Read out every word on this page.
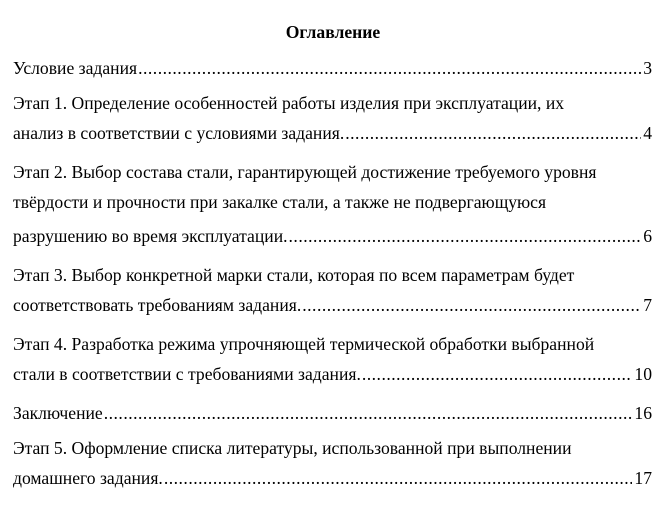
Оглавление
Условие задания .....	3
Этап 1. Определение особенностей работы изделия при эксплуатации, их
анализ в соответствии с условиями задания. .....	4
Этап 2. Выбор состава стали, гарантирующей достижение требуемого уровня
твёрдости и прочности при закалке стали, а также не подвергающуюся
разрушению во время эксплуатации. .....	6
Этап 3. Выбор конкретной марки стали, которая по всем параметрам будет
соответствовать требованиям задания. .....	7
Этап 4. Разработка режима упрочняющей термической обработки выбранной
стали в соответствии с требованиями задания. .....	10
Заключение .....	16
Этап 5. Оформление списка литературы, использованной при выполнении
домашнего задания. .....	17
